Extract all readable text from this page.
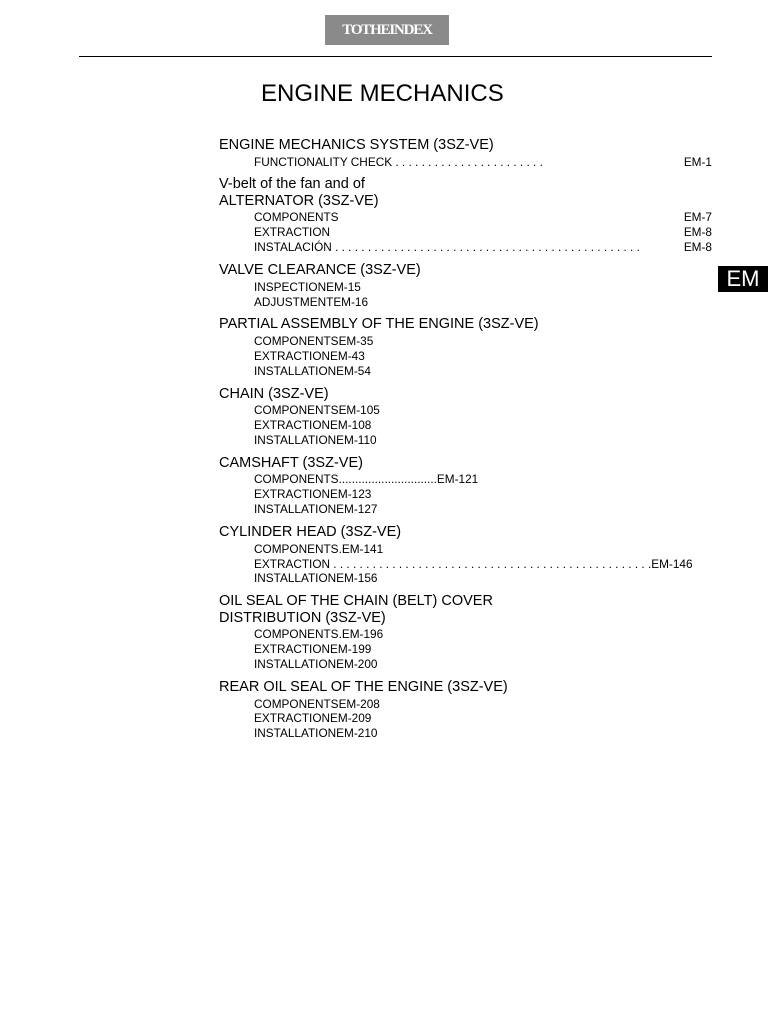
TOTHEINDEX
ENGINE MECHANICS
EM
ENGINE MECHANICS SYSTEM (3SZ-VE)
FUNCTIONALITY CHECK . . . . . . . . . . . . . . . . . . . . . . .	EM-1
V-belt of the fan and of
ALTERNATOR (3SZ-VE)
COMPONENTS	EM-7
EXTRACTION	EM-8
INSTALACIÓN . . . . . . . . . . . . . . . . . . . . . . . . . . . . . . . . . . . . . . . . . . . . . . .	EM-8
VALVE CLEARANCE (3SZ-VE)
INSPECTION EM-15
ADJUSTMENT EM-16
PARTIAL ASSEMBLY OF THE ENGINE (3SZ-VE)
COMPONENTS EM-35
EXTRACTION EM-43
INSTALLATION EM-54
CHAIN (3SZ-VE)
COMPONENTS EM-105
EXTRACTION EM-108
INSTALLATION EM-110
CAMSHAFT (3SZ-VE)
COMPONENTS .............................. EM-121
EXTRACTION EM-123
INSTALLATION EM-127
CYLINDER HEAD (3SZ-VE)
COMPONENTS . EM-141
EXTRACTION . . . . . . . . . . . . . . . . . . . . . . . . . . . . . . . . . . . . . . . . . . . . . . . . . EM-146
INSTALLATION EM-156
OIL SEAL OF THE CHAIN (BELT) COVER
DISTRIBUTION (3SZ-VE)
COMPONENTS . EM-196
EXTRACTION EM-199
INSTALLATION EM-200
REAR OIL SEAL OF THE ENGINE (3SZ-VE)
COMPONENTS EM-208
EXTRACTION EM-209
INSTALLATION EM-210
